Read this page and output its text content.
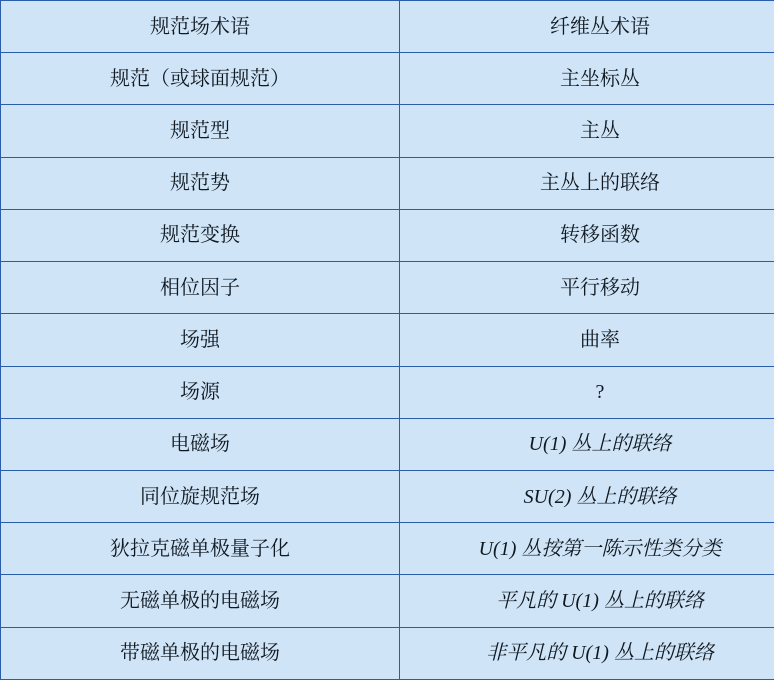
规范场术语	纤维丛术语
规范（或球面规范）	主坐标丛
规范型	主丛
规范势	主丛上的联络
规范变换	转移函数
相位因子	平行移动
场强	曲率
场源	?
电磁场	U(1) 丛上的联络
同位旋规范场	SU(2) 丛上的联络
狄拉克磁单极量子化	U(1) 丛按第一陈示性类分类
无磁单极的电磁场	平凡的 U(1) 丛上的联络
带磁单极的电磁场	非平凡的 U(1) 丛上的联络
